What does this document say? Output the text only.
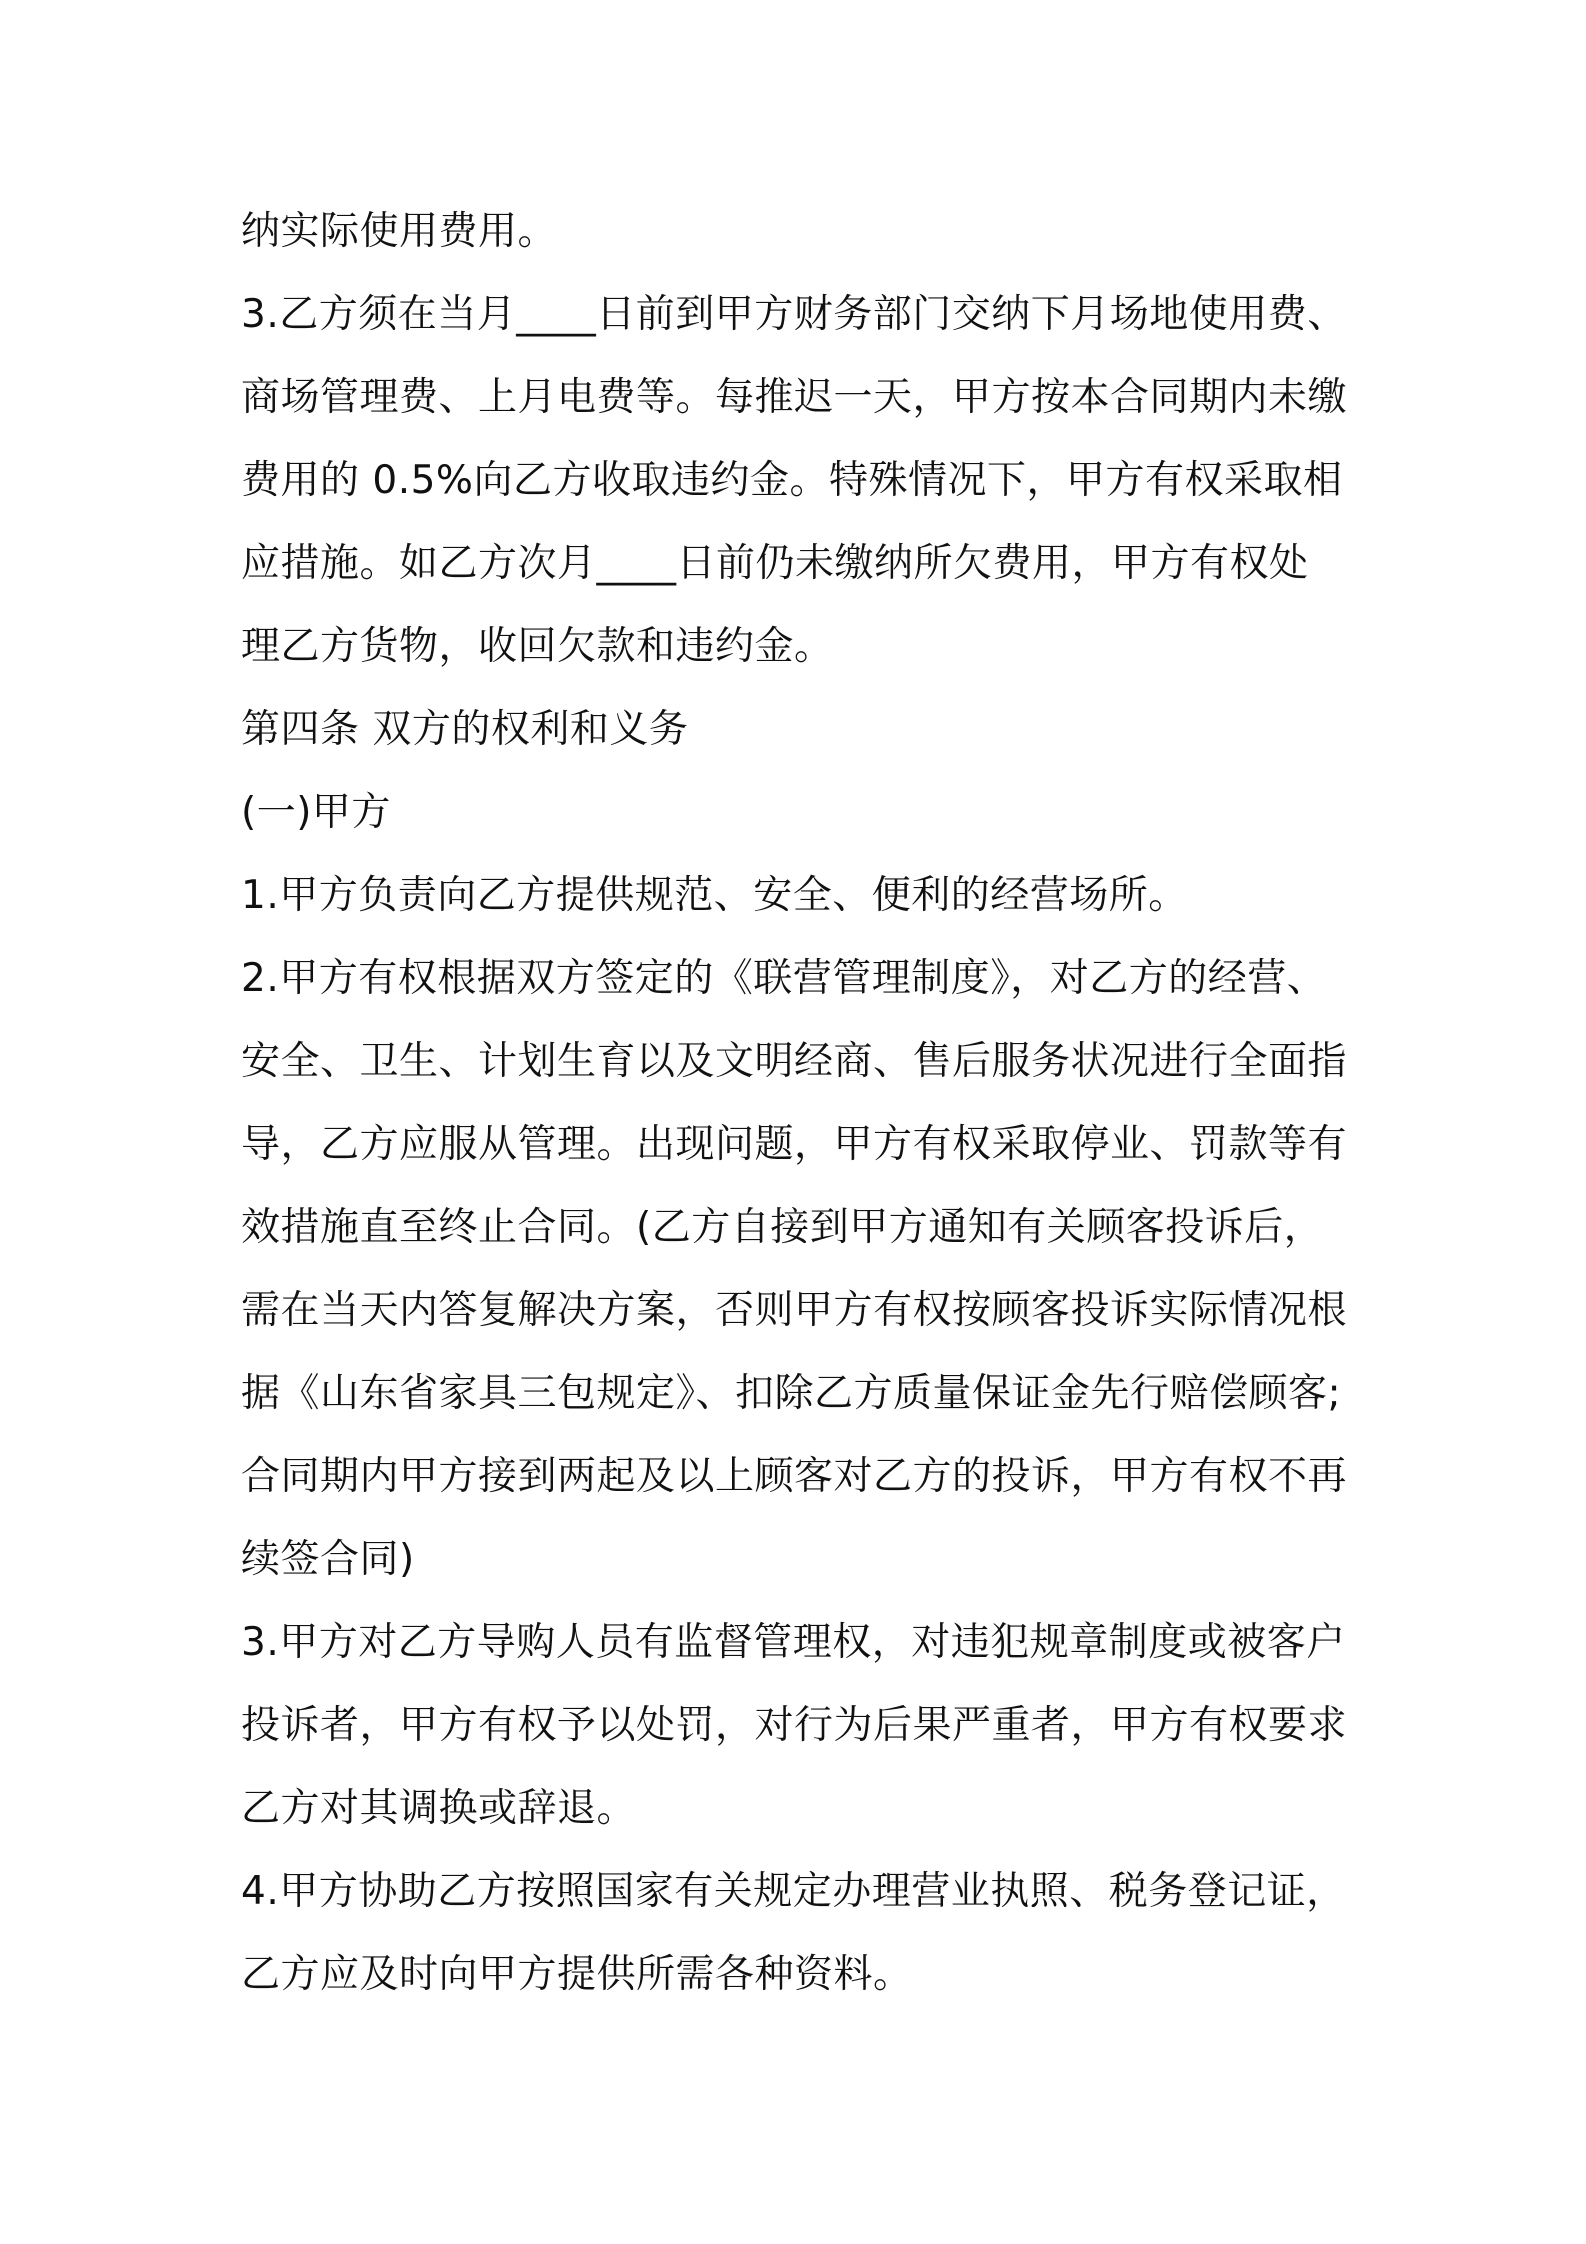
纳实际使用费用。
3.乙方须在当月____日前到甲方财务部门交纳下月场地使用费、
商场管理费、上月电费等。每推迟一天，甲方按本合同期内未缴
费用的 0.5%向乙方收取违约金。特殊情况下，甲方有权采取相
应措施。如乙方次月____日前仍未缴纳所欠费用，甲方有权处
理乙方货物，收回欠款和违约金。
第四条 双方的权利和义务
(一)甲方
1.甲方负责向乙方提供规范、安全、便利的经营场所。
2.甲方有权根据双方签定的《联营管理制度》，对乙方的经营、
安全、卫生、计划生育以及文明经商、售后服务状况进行全面指
导，乙方应服从管理。出现问题，甲方有权采取停业、罚款等有
效措施直至终止合同。(乙方自接到甲方通知有关顾客投诉后，
需在当天内答复解决方案，否则甲方有权按顾客投诉实际情况根
据《山东省家具三包规定》、扣除乙方质量保证金先行赔偿顾客;
合同期内甲方接到两起及以上顾客对乙方的投诉，甲方有权不再
续签合同)
3.甲方对乙方导购人员有监督管理权，对违犯规章制度或被客户
投诉者，甲方有权予以处罚，对行为后果严重者，甲方有权要求
乙方对其调换或辞退。
4.甲方协助乙方按照国家有关规定办理营业执照、税务登记证，
乙方应及时向甲方提供所需各种资料。
